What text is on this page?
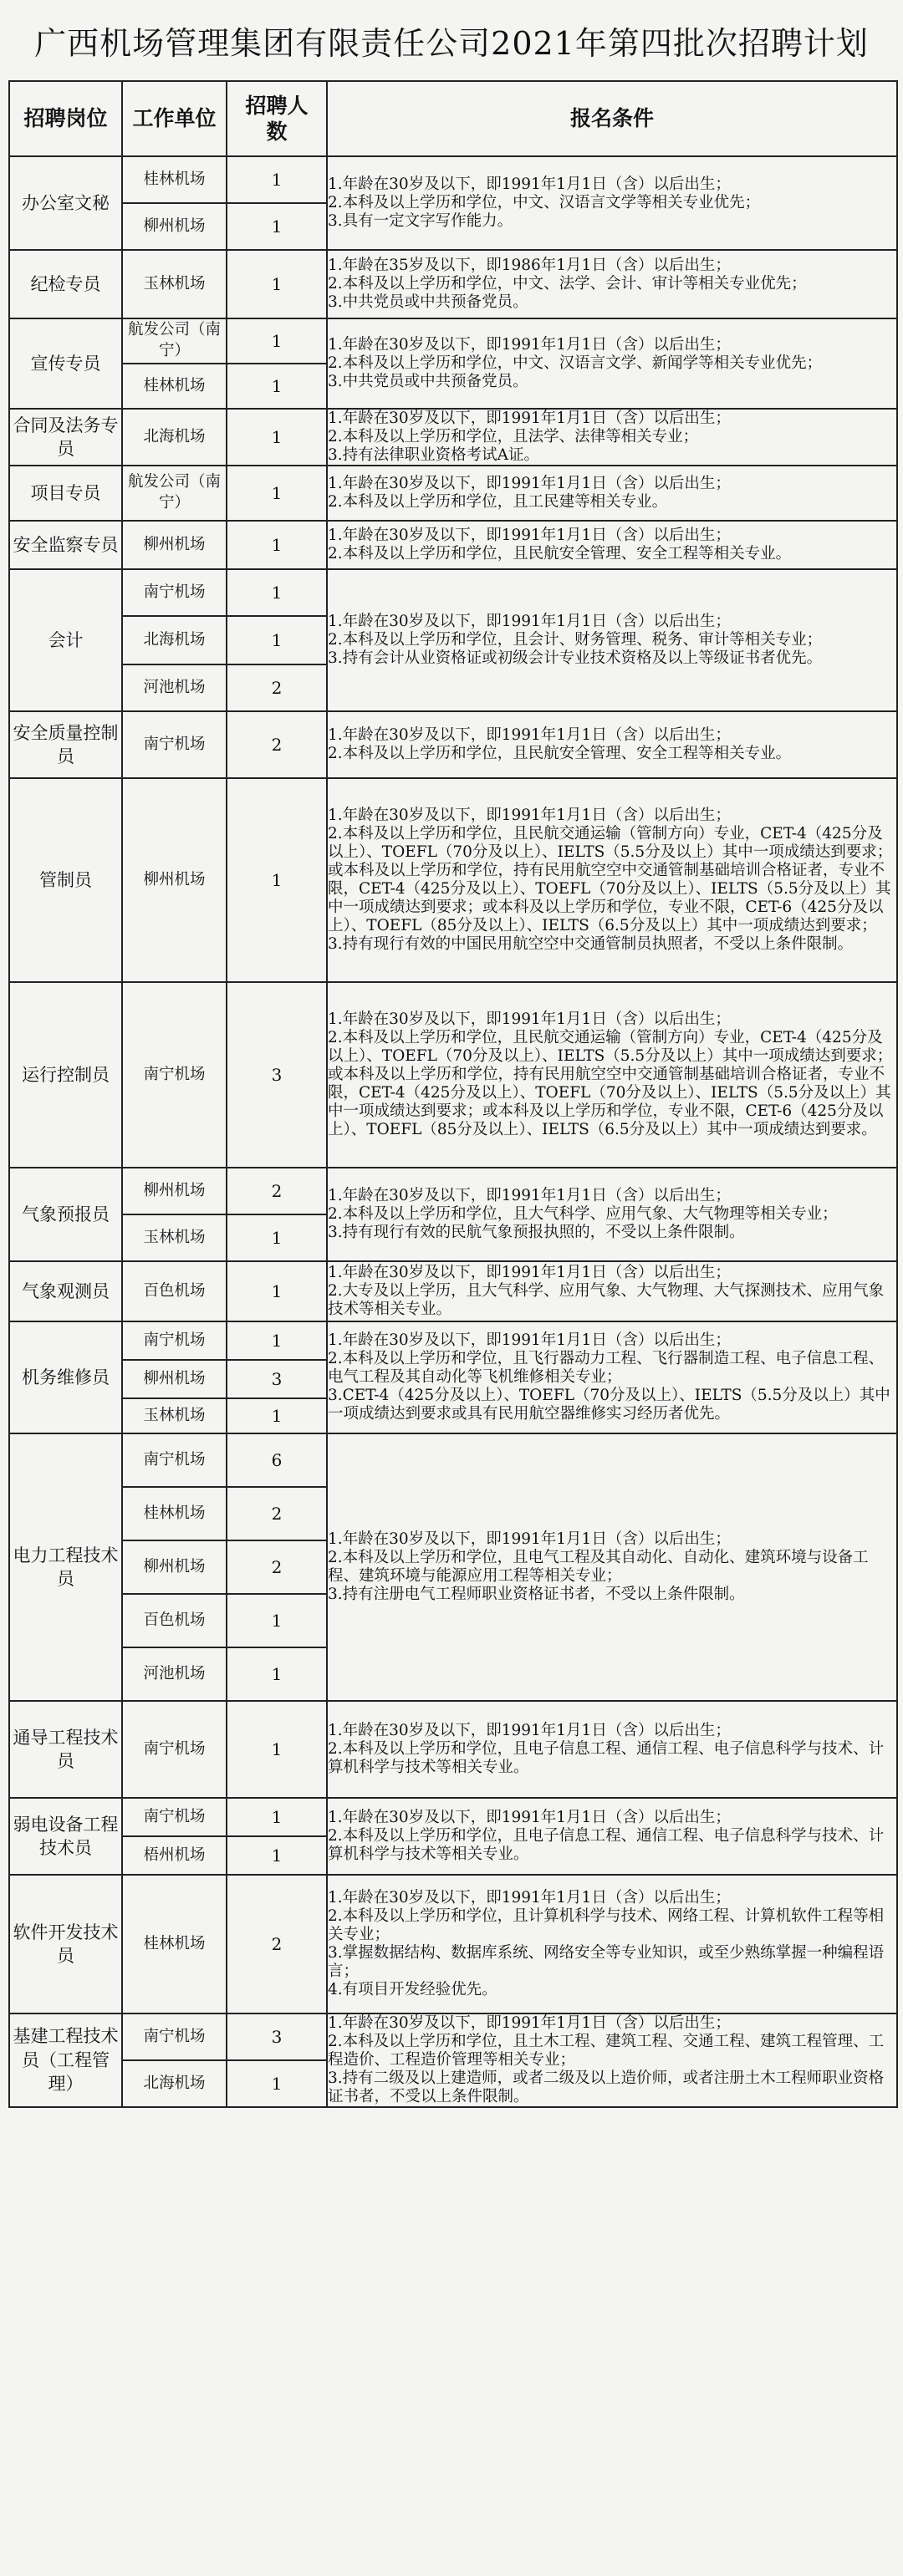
广西机场管理集团有限责任公司2021年第四批次招聘计划
招聘岗位	工作单位	招聘人数	报名条件
办公室文秘	桂林机场	1	1.年龄在30岁及以下，即1991年1月1日（含）以后出生；
2.本科及以上学历和学位，中文、汉语言文学等相关专业优先；
3.具有一定文字写作能力。

	柳州机场	1	
纪检专员	玉林机场	1	1.年龄在35岁及以下，即1986年1月1日（含）以后出生；
2.本科及以上学历和学位，中文、法学、会计、审计等相关专业优先；
3.中共党员或中共预备党员。

宣传专员	航发公司（南宁）	1	1.年龄在30岁及以下，即1991年1月1日（含）以后出生；
2.本科及以上学历和学位，中文、汉语言文学、新闻学等相关专业优先；
3.中共党员或中共预备党员。

	桂林机场	1	
合同及法务专员	北海机场	1	1.年龄在30岁及以下，即1991年1月1日（含）以后出生；
2.本科及以上学历和学位，且法学、法律等相关专业；
3.持有法律职业资格考试A证。

项目专员	航发公司（南宁）	1	1.年龄在30岁及以下，即1991年1月1日（含）以后出生；
2.本科及以上学历和学位，且工民建等相关专业。

安全监察专员	柳州机场	1	1.年龄在30岁及以下，即1991年1月1日（含）以后出生；
2.本科及以上学历和学位，且民航安全管理、安全工程等相关专业。

会计	南宁机场	1	1.年龄在30岁及以下，即1991年1月1日（含）以后出生；
2.本科及以上学历和学位，且会计、财务管理、税务、审计等相关专业；
3.持有会计从业资格证或初级会计专业技术资格及以上等级证书者优先。

	北海机场	1	
	河池机场	2	
安全质量控制员	南宁机场	2	1.年龄在30岁及以下，即1991年1月1日（含）以后出生；
2.本科及以上学历和学位，且民航安全管理、安全工程等相关专业。

管制员	柳州机场	1	1.年龄在30岁及以下，即1991年1月1日（含）以后出生；
2.本科及以上学历和学位，且民航交通运输（管制方向）专业，CET-4（425分及以上）、TOEFL（70分及以上）、IELTS（5.5分及以上）其中一项成绩达到要求；或本科及以上学历和学位，持有民用航空空中交通管制基础培训合格证者，专业不限，CET-4（425分及以上）、TOEFL（70分及以上）、IELTS（5.5分及以上）其中一项成绩达到要求；或本科及以上学历和学位，专业不限，CET-6（425分及以上）、TOEFL（85分及以上）、IELTS（6.5分及以上）其中一项成绩达到要求；
3.持有现行有效的中国民用航空空中交通管制员执照者，不受以上条件限制。

运行控制员	南宁机场	3	1.年龄在30岁及以下，即1991年1月1日（含）以后出生；
2.本科及以上学历和学位，且民航交通运输（管制方向）专业，CET-4（425分及以上）、TOEFL（70分及以上）、IELTS（5.5分及以上）其中一项成绩达到要求；或本科及以上学历和学位，持有民用航空空中交通管制基础培训合格证者，专业不限，CET-4（425分及以上）、TOEFL（70分及以上）、IELTS（5.5分及以上）其中一项成绩达到要求；或本科及以上学历和学位，专业不限，CET-6（425分及以上）、TOEFL（85分及以上）、IELTS（6.5分及以上）其中一项成绩达到要求。

气象预报员	柳州机场	2	1.年龄在30岁及以下，即1991年1月1日（含）以后出生；
2.本科及以上学历和学位，且大气科学、应用气象、大气物理等相关专业；
3.持有现行有效的民航气象预报执照的，不受以上条件限制。

	玉林机场	1	
气象观测员	百色机场	1	1.年龄在30岁及以下，即1991年1月1日（含）以后出生；
2.大专及以上学历，且大气科学、应用气象、大气物理、大气探测技术、应用气象技术等相关专业。

机务维修员	南宁机场	1	1.年龄在30岁及以下，即1991年1月1日（含）以后出生；
2.本科及以上学历和学位，且飞行器动力工程、飞行器制造工程、电子信息工程、电气工程及其自动化等飞机维修相关专业；
3.CET-4（425分及以上）、TOEFL（70分及以上）、IELTS（5.5分及以上）其中一项成绩达到要求或具有民用航空器维修实习经历者优先。

	柳州机场	3	
	玉林机场	1	
电力工程技术员	南宁机场	6	1.年龄在30岁及以下，即1991年1月1日（含）以后出生；
2.本科及以上学历和学位，且电气工程及其自动化、自动化、建筑环境与设备工程、建筑环境与能源应用工程等相关专业；
3.持有注册电气工程师职业资格证书者，不受以上条件限制。

	桂林机场	2	
	柳州机场	2	
	百色机场	1	
	河池机场	1	
通导工程技术员	南宁机场	1	1.年龄在30岁及以下，即1991年1月1日（含）以后出生；
2.本科及以上学历和学位，且电子信息工程、通信工程、电子信息科学与技术、计算机科学与技术等相关专业。

弱电设备工程技术员	南宁机场	1	1.年龄在30岁及以下，即1991年1月1日（含）以后出生；
2.本科及以上学历和学位，且电子信息工程、通信工程、电子信息科学与技术、计算机科学与技术等相关专业。

	梧州机场	1	
软件开发技术员	桂林机场	2	1.年龄在30岁及以下，即1991年1月1日（含）以后出生；
2.本科及以上学历和学位，且计算机科学与技术、网络工程、计算机软件工程等相关专业；
3.掌握数据结构、数据库系统、网络安全等专业知识，或至少熟练掌握一种编程语言；
4.有项目开发经验优先。

基建工程技术员（工程管理）	南宁机场	3	1.年龄在30岁及以下，即1991年1月1日（含）以后出生；
2.本科及以上学历和学位，且土木工程、建筑工程、交通工程、建筑工程管理、工程造价、工程造价管理等相关专业；
3.持有二级及以上建造师，或者二级及以上造价师，或者注册土木工程师职业资格证书者，不受以上条件限制。

	北海机场	1	
